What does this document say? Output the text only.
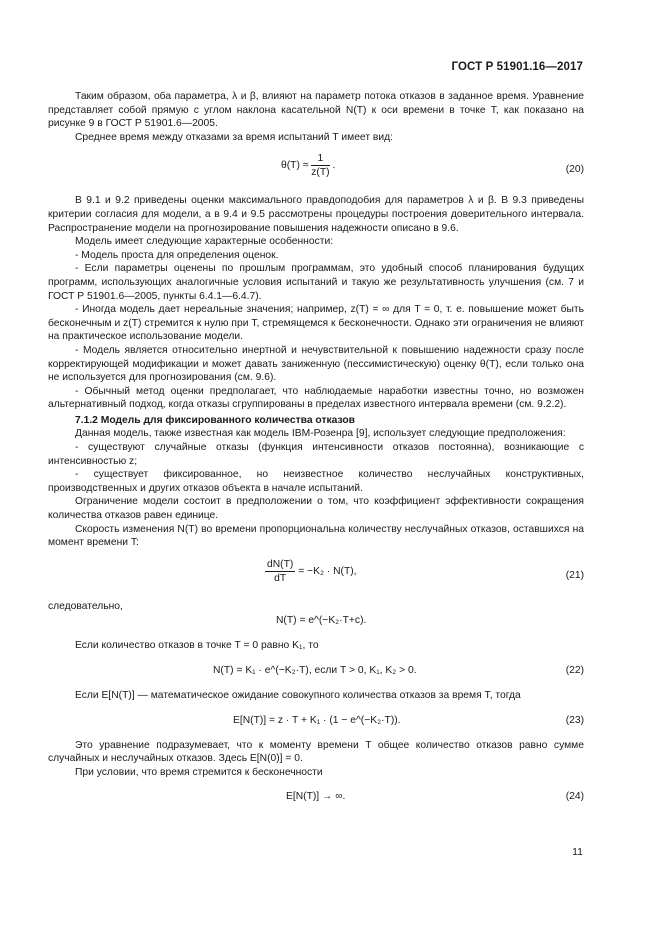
ГОСТ Р 51901.16—2017

Таким образом, оба параметра, λ и β, влияют на параметр потока отказов в заданное время. Уравнение представляет собой прямую с углом наклона касательной N(T) к оси времени в точке T, как показано на рисунке 9 в ГОСТ Р 51901.6—2005.

Среднее время между отказами за время испытаний T имеет вид:

$\theta(T) \approx \frac{1}{z(T)}$ .	(20)

В 9.1 и 9.2 приведены оценки максимального правдоподобия для параметров λ и β. В 9.3 приведены критерии согласия для модели, а в 9.4 и 9.5 рассмотрены процедуры построения доверительного интервала. Распространение модели на прогнозирование повышения надежности описано в 9.6.

Модель имеет следующие характерные особенности:

- Модель проста для определения оценок.

- Если параметры оценены по прошлым программам, это удобный способ планирования будущих программ, использующих аналогичные условия испытаний и такую же результативность улучшения (см. 7 и ГОСТ Р 51901.6—2005, пункты 6.4.1—6.4.7).

- Иногда модель дает нереальные значения; например, z(T) = ∞ для T = 0, т. е. повышение может быть бесконечным и z(T) стремится к нулю при T, стремящемся к бесконечности. Однако эти ограничения не влияют на практическое использование модели.

- Модель является относительно инертной и нечувствительной к повышению надежности сразу после корректирующей модификации и может давать заниженную (пессимистическую) оценку θ(T), если только она не используется для прогнозирования (см. 9.6).

- Обычный метод оценки предполагает, что наблюдаемые наработки известны точно, но возможен альтернативный подход, когда отказы сгруппированы в пределах известного интервала времени (см. 9.2.2).

7.1.2 Модель для фиксированного количества отказов

Данная модель, также известная как модель IBM-Розенра [9], использует следующие предположения:

- существуют случайные отказы (функция интенсивности отказов постоянна), возникающие с интенсивностью z;

- существует фиксированное, но неизвестное количество неслучайных конструктивных, производственных и других отказов объекта в начале испытаний.

Ограничение модели состоит в предположении о том, что коэффициент эффективности сокращения количества отказов равен единице.

Скорость изменения N(T) во времени пропорциональна количеству неслучайных отказов, оставшихся на момент времени T:

$\frac{dN(T)}{dT} = -K_2 \cdot N(T)$,	(21)

следовательно,

N(T) = e^(−K₂·T+c).

Если количество отказов в точке T = 0 равно K₁, то

N(T) = K₁ · e^(−K₂·T), если T > 0, K₁, K₂ > 0.	(22)

Если E[N(T)] — математическое ожидание совокупного количества отказов за время T, тогда

E[N(T)] = z · T + K₁ · (1 − e^(−K₂·T)).	(23)

Это уравнение подразумевает, что к моменту времени T общее количество отказов равно сумме случайных и неслучайных отказов. Здесь E[N(0)] = 0.

При условии, что время стремится к бесконечности

E[N(T)] → ∞.	(24)
11
